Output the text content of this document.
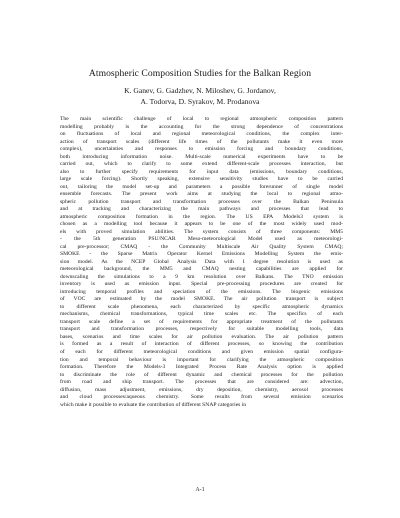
Atmospheric Composition Studies for the Balkan Region
K. Ganev, G. Gadzhev, N. Miloshev, G. Jordanov,
A. Todorva, D. Syrakov, M. Prodanova
The main scientific challenge of local to regional atmospheric composition pattern
modelling probably is the accounting for the strong dependence of concentrations
on fluctuations of local and regional meteorological conditions, the complex inter-
action of transport scales (different life times of the pollutants make it even more
complex), uncertainties and responses to emission forcing and boundary conditions,
both introducing information noise. Multi-scale numerical experiments have to be
carried out, which to clarify to some extend different-scale processes interaction, but
also to further specify requirements for input data (emissions, boundary conditions,
large scale forcing). Shortly speaking, extensive sensitivity studies have to be carried
out, tailoring the model set-up and parameters a possible forerunner of single model
ensemble forecasts. The present work aims at studying the local to regional atmo-
spheric pollution transport and transformation processes over the Balkan Peninsula
and at tracking and characterizing the main pathways and processes that lead to
atmospheric composition formation in the region. The US EPA Models3 system is
chosen as a modelling tool because it appears to be one of the most widely used mod-
els with proved simulation abilities. The system consists of three components: MM5
- the 5th generation PSU/NCAR Meso-meteorological Model used as meteorologi-
cal pre-processor; CMAQ - the Community Multiscale Air Quality System CMAQ;
SMOKE - the Sparse Matrix Operator Kernel Emissions Modelling System the emis-
sion model. As the NCEP Global Analysis Data with 1 degree resolution is used as
meteorological background, the MM5 and CMAQ nesting capabilities are applied for
downscaling the simulations to a 9 km resolution over Balkans. The TNO emission
inventory is used as emission input. Special pre-processing procedures are created for
introducing temporal profiles and speciation of the emissions. The biogenic emissions
of VOC are estimated by the model SMOKE. The air pollution transport is subject
to different scale phenomena, each characterized by specific atmospheric dynamics
mechanisms, chemical transformations, typical time scales etc. The specifics of each
transport scale define a set of requirements for appropriate treatment of the pollutants
transport and transformation processes, respectively for suitable modelling tools, data
bases, scenarios and time scales for air pollution evaluation. The air pollution pattern
is formed as a result of interaction of different processes, so knowing the contribution
of each for different meteorological conditions and given emission spatial configura-
tion and temporal behaviour is important for clarifying the atmospheric composition
formation. Therefore the Models-3 Integrated Process Rate Analysis option is applied
to discriminate the role of different dynamic and chemical processes for the pollution
from road and ship transport. The processes that are considered are: advection,
diffusion, mass adjustment, emissions, dry deposition, chemistry, aerosol processes
and cloud processes/aqueous chemistry. Some results from several emission scenarios
which make it possible to evaluate the contribution of different SNAP categories in
A-1
